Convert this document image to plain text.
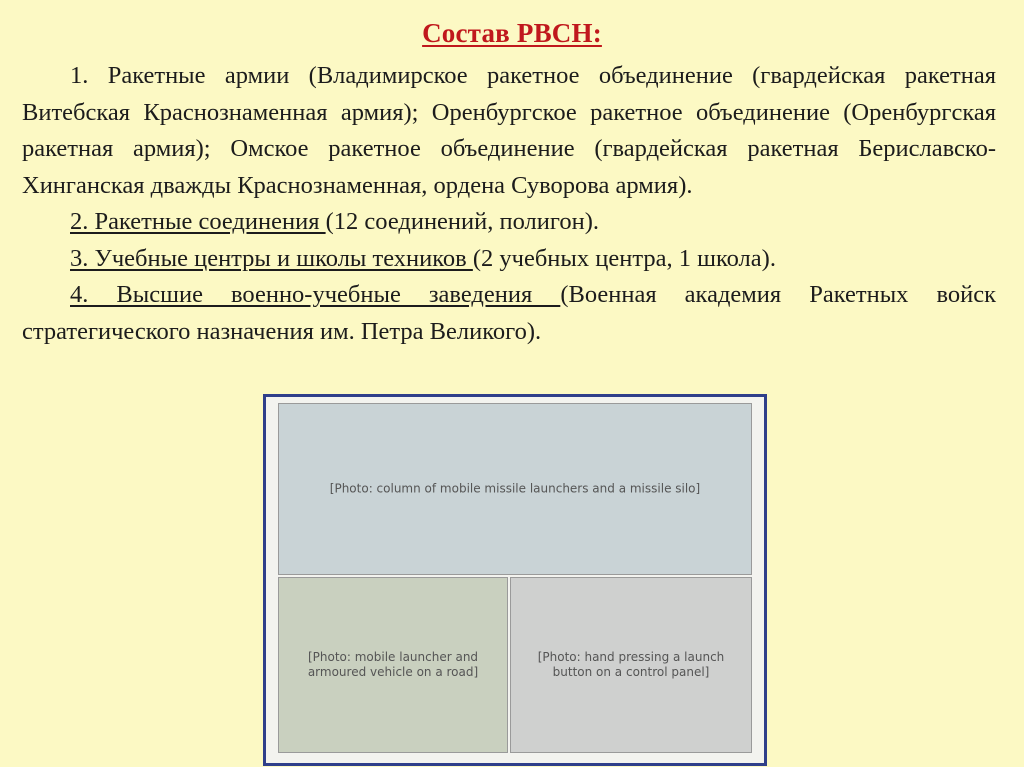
Состав РВСН:

1. Ракетные армии (Владимирское ракетное объединение (гвардейская ракетная Витебская Краснознаменная армия); Оренбургское ракетное объединение (Оренбургская ракетная армия); Омское ракетное объединение (гвардейская ракетная Бериславско-Хинганская дважды Краснознаменная, ордена Суворова армия).

2. Ракетные соединения (12 соединений, полигон).

3. Учебные центры и школы техников (2 учебных центра, 1 школа).

4. Высшие военно-учебные заведения (Военная академия Ракетных войск стратегического назначения им. Петра Великого).

[Photo: column of mobile missile launchers and a missile silo]
[Photo: mobile launcher and armoured vehicle on a road]
[Photo: hand pressing a launch button on a control panel]
